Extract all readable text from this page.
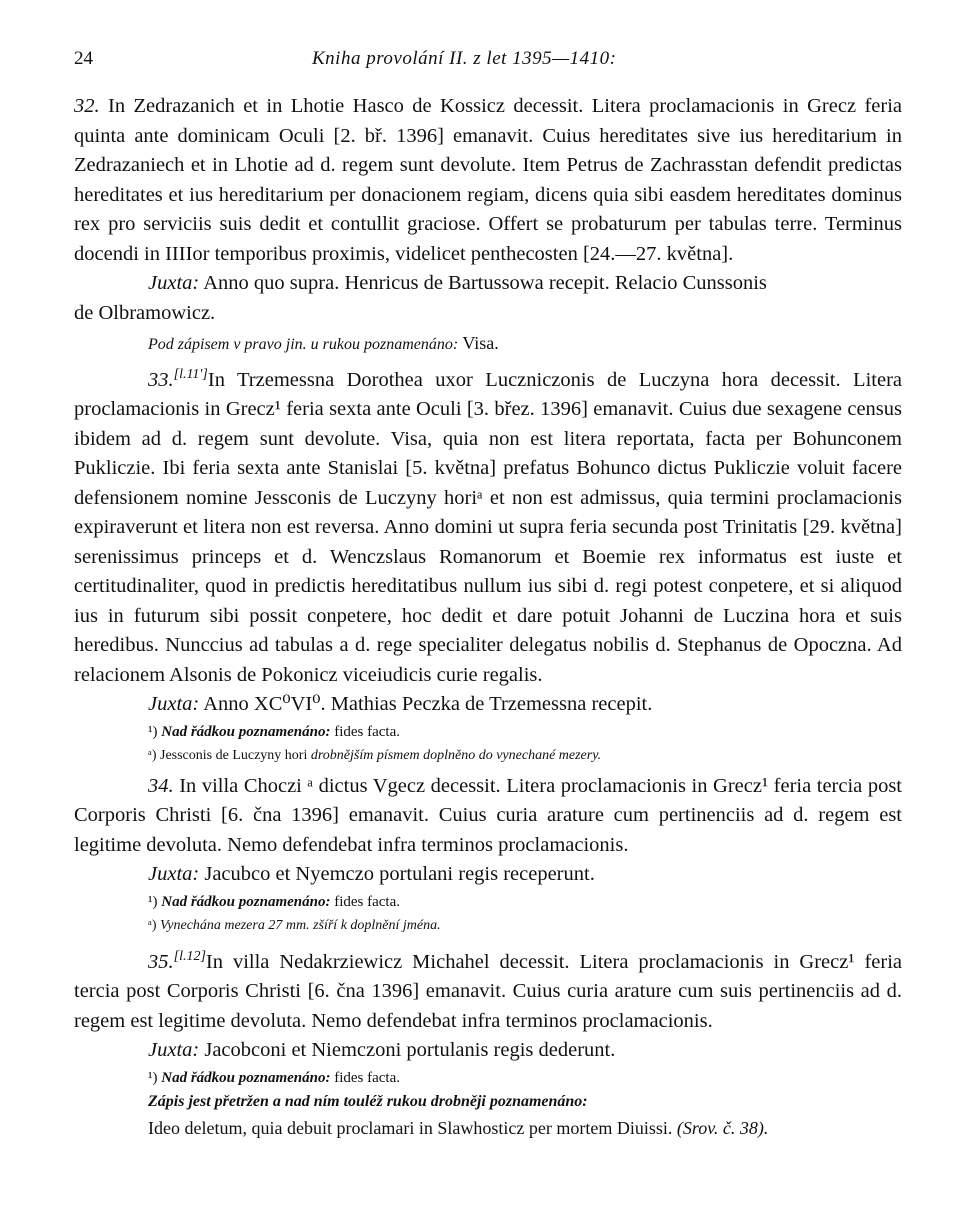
24	Kniha provolání II. z let 1395—1410:

32. In Zedrazanich et in Lhotie Hasco de Kossicz decessit. Litera proclamacionis in Grecz feria quinta ante dominicam Oculi [2. bř. 1396] emanavit. Cuius hereditates sive ius hereditarium in Zedrazaniech et in Lhotie ad d. regem sunt devolute. Item Petrus de Zachrasstan defendit predictas hereditates et ius hereditarium per donacionem regiam, dicens quia sibi easdem hereditates dominus rex pro serviciis suis dedit et contullit graciose. Offert se probaturum per tabulas terre. Terminus docendi in IIIIor temporibus proximis, videlicet penthecosten [24.—27. května].

Juxta: Anno quo supra. Henricus de Bartussowa recepit. Relacio Cunssonis

de Olbramowicz.

Pod zápisem v pravo jin. u rukou poznamenáno: Visa.

33.[l.11']In Trzemessna Dorothea uxor Luczniczonis de Luczyna hora decessit. Litera proclamacionis in Grecz¹ feria sexta ante Oculi [3. břez. 1396] emanavit. Cuius due sexagene census ibidem ad d. regem sunt devolute. Visa, quia non est litera reportata, facta per Bohunconem Pukliczie. Ibi feria sexta ante Stanislai [5. května] prefatus Bohunco dictus Pukliczie voluit facere defensionem nomine Jessconis de Luczyny horiᵃ et non est admissus, quia termini proclamacionis expiraverunt et litera non est reversa. Anno domini ut supra feria secunda post Trinitatis [29. května] serenissimus princeps et d. Wenczslaus Romanorum et Boemie rex informatus est iuste et certitudinaliter, quod in predictis hereditatibus nullum ius sibi d. regi potest conpetere, et si aliquod ius in futurum sibi possit conpetere, hoc dedit et dare potuit Johanni de Luczina hora et suis heredibus. Nunccius ad tabulas a d. rege specialiter delegatus nobilis d. Stephanus de Opoczna. Ad relacionem Alsonis de Pokonicz viceiudicis curie regalis.

Juxta: Anno XC⁰VI⁰. Mathias Peczka de Trzemessna recepit.

¹) Nad řádkou poznamenáno: fides facta.

ᵃ) Jessconis de Luczyny hori drobnějším písmem doplněno do vynechané mezery.

34. In villa Choczi ᵃ dictus Vgecz decessit. Litera proclamacionis in Grecz¹ feria tercia post Corporis Christi [6. čna 1396] emanavit. Cuius curia arature cum pertinenciis ad d. regem est legitime devoluta. Nemo defendebat infra terminos proclamacionis.

Juxta: Jacubco et Nyemczo portulani regis receperunt.

¹) Nad řádkou poznamenáno: fides facta.

ᵃ) Vynechána mezera 27 mm. zšíří k doplnění jména.

35.[l.12]In villa Nedakrziewicz Michahel decessit. Litera proclamacionis in Grecz¹ feria tercia post Corporis Christi [6. čna 1396] emanavit. Cuius curia arature cum suis pertinenciis ad d. regem est legitime devoluta. Nemo defendebat infra terminos proclamacionis.

Juxta: Jacobconi et Niemczoni portulanis regis dederunt.

¹) Nad řádkou poznamenáno: fides facta.

Zápis jest přetržen a nad ním touléž rukou drobněji poznamenáno:

Ideo deletum, quia debuit proclamari in Slawhosticz per mortem Diuissi. (Srov. č. 38).
